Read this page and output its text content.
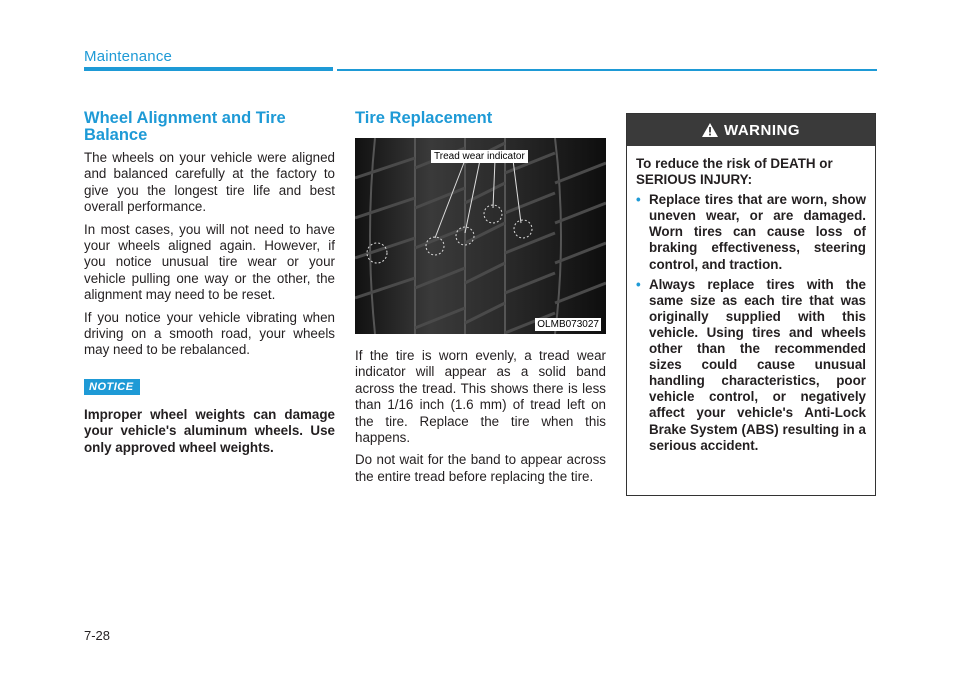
Maintenance
Wheel Alignment and Tire Balance

The wheels on your vehicle were aligned and balanced carefully at the factory to give you the longest tire life and best overall performance.

In most cases, you will not need to have your wheels aligned again. However, if you notice unusual tire wear or your vehicle pulling one way or the other, the alignment may need to be reset.

If you notice your vehicle vibrating when driving on a smooth road, your wheels may need to be rebalanced.

NOTICE
Improper wheel weights can damage your vehicle's aluminum wheels. Use only approved wheel weights.
Tire Replacement
Tread wear indicator
OLMB073027

If the tire is worn evenly, a tread wear indicator will appear as a solid band across the tread. This shows there is less than 1/16 inch (1.6 mm) of tread left on the tire. Replace the tire when this happens.

Do not wait for the band to appear across the entire tread before replacing the tire.

WARNING

To reduce the risk of DEATH or SERIOUS INJURY:

• Replace tires that are worn, show uneven wear, or are damaged. Worn tires can cause loss of braking effectiveness, steering control, and traction.
• Always replace tires with the same size as each tire that was originally supplied with this vehicle. Using tires and wheels other than the recommended sizes could cause unusual handling characteristics, poor vehicle control, or negatively affect your vehicle's Anti-Lock Brake System (ABS) resulting in a serious accident.
7-28
